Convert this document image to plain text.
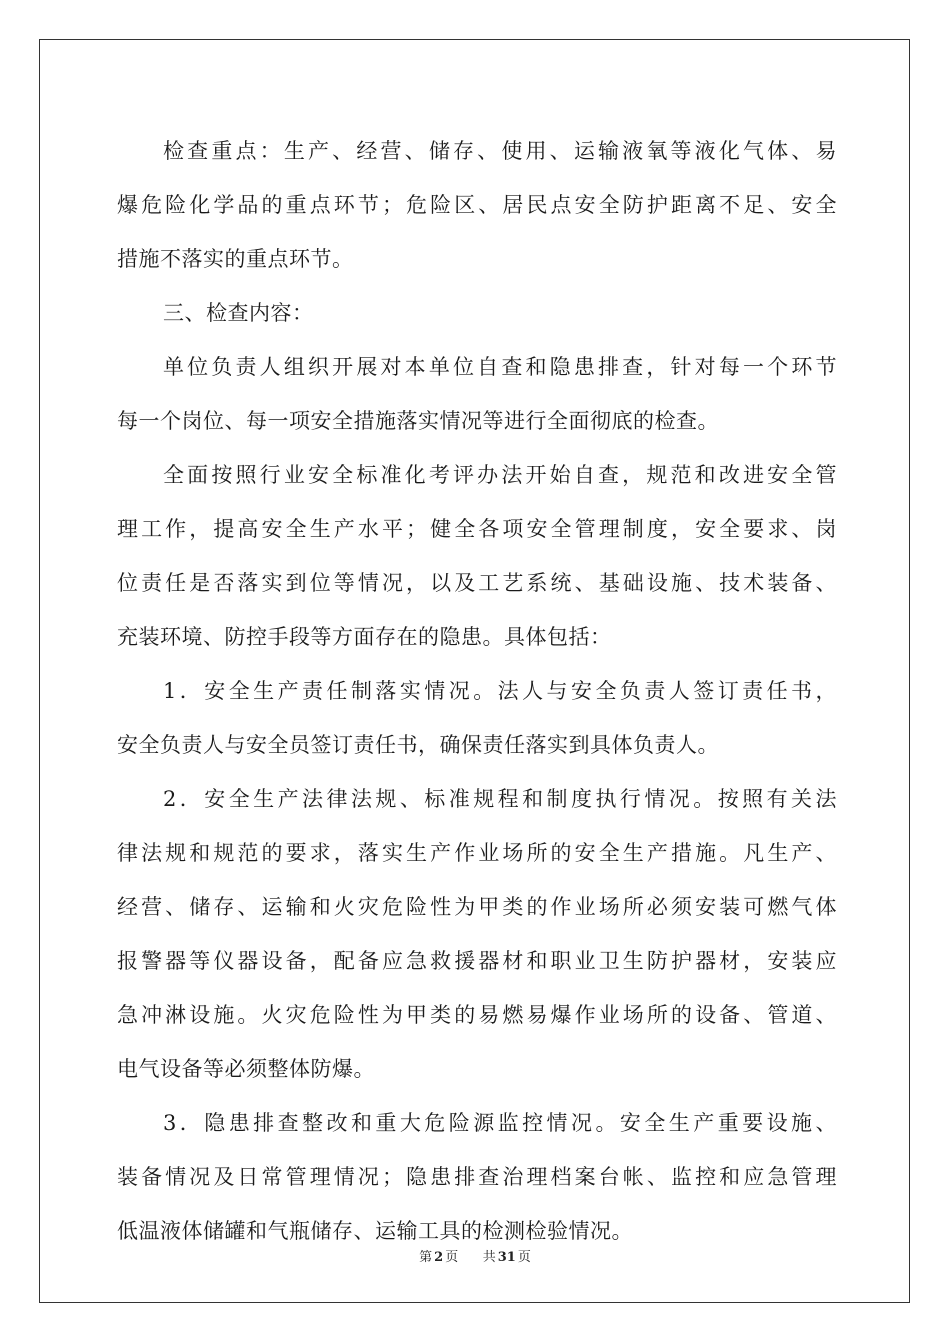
检查重点：生产、经营、储存、使用、运输液氧等液化气体、易
爆危险化学品的重点环节；危险区、居民点安全防护距离不足、安全
措施不落实的重点环节。
三、检查内容：
单位负责人组织开展对本单位自查和隐患排查，针对每一个环节
每一个岗位、每一项安全措施落实情况等进行全面彻底的检查。
全面按照行业安全标准化考评办法开始自查，规范和改进安全管
理工作，提高安全生产水平；健全各项安全管理制度，安全要求、岗
位责任是否落实到位等情况，以及工艺系统、基础设施、技术装备、
充装环境、防控手段等方面存在的隐患。具体包括：
1．安全生产责任制落实情况。法人与安全负责人签订责任书，
安全负责人与安全员签订责任书，确保责任落实到具体负责人。
2．安全生产法律法规、标准规程和制度执行情况。按照有关法
律法规和规范的要求，落实生产作业场所的安全生产措施。凡生产、
经营、储存、运输和火灾危险性为甲类的作业场所必须安装可燃气体
报警器等仪器设备，配备应急救援器材和职业卫生防护器材，安装应
急冲淋设施。火灾危险性为甲类的易燃易爆作业场所的设备、管道、
电气设备等必须整体防爆。
3．隐患排查整改和重大危险源监控情况。安全生产重要设施、
装备情况及日常管理情况；隐患排查治理档案台帐、监控和应急管理
低温液体储罐和气瓶储存、运输工具的检测检验情况。
第 2 页 共 31 页
